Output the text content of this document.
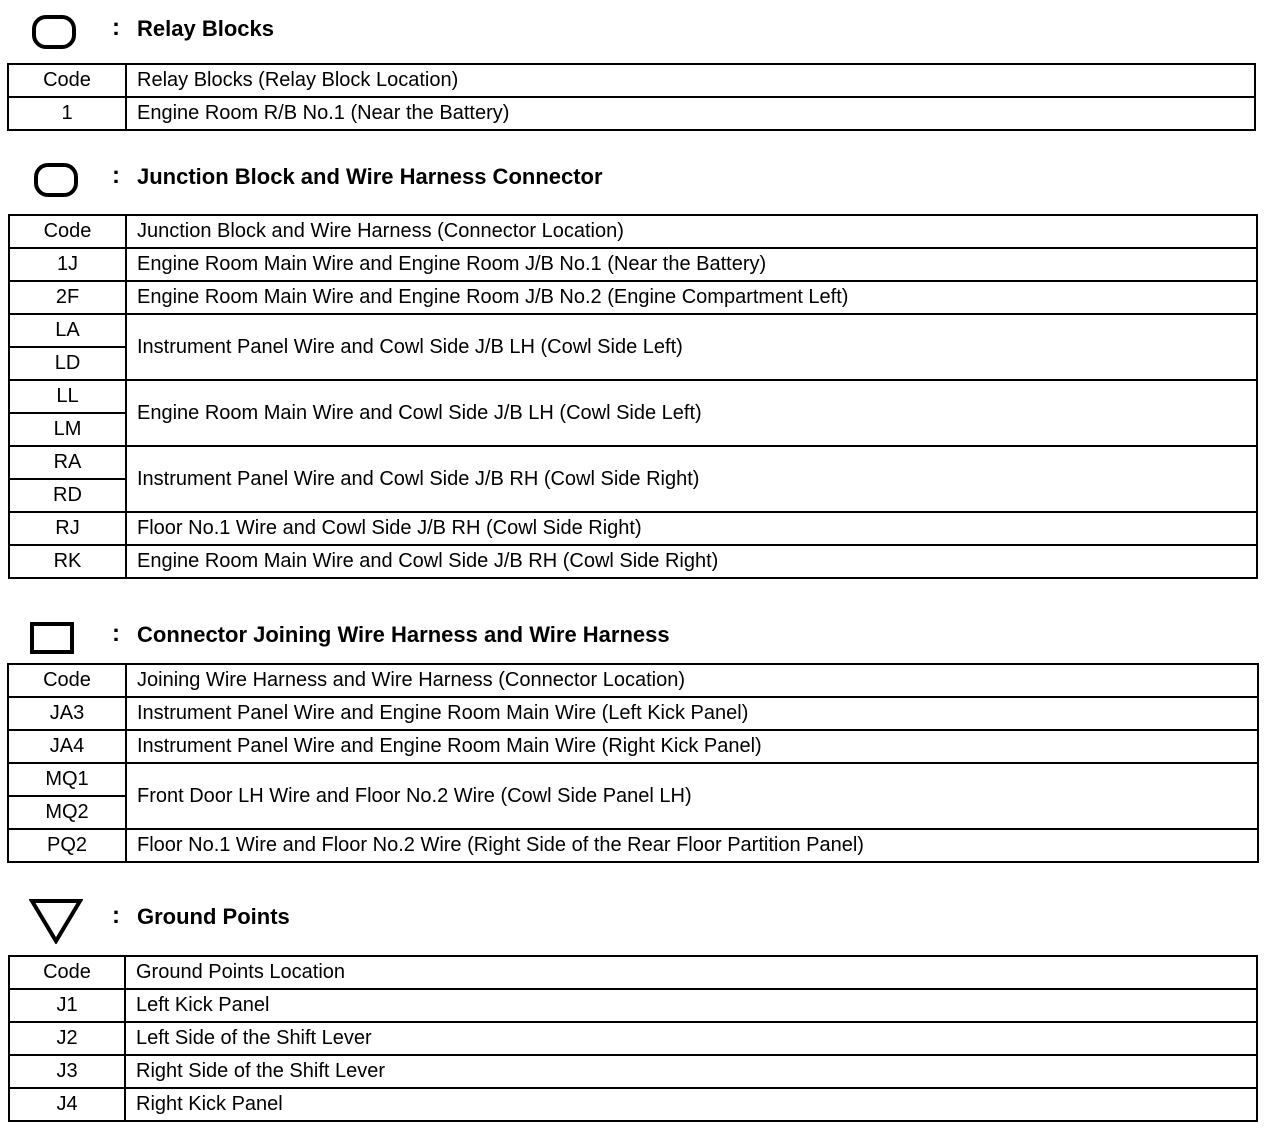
: Relay Blocks
Code	Relay Blocks (Relay Block Location)
1	Engine Room R/B No.1 (Near the Battery)
: Junction Block and Wire Harness Connector
Code	Junction Block and Wire Harness (Connector Location)
1J	Engine Room Main Wire and Engine Room J/B No.1 (Near the Battery)
2F	Engine Room Main Wire and Engine Room J/B No.2 (Engine Compartment Left)
LA	Instrument Panel Wire and Cowl Side J/B LH (Cowl Side Left)
LD	
LL	Engine Room Main Wire and Cowl Side J/B LH (Cowl Side Left)
LM	
RA	Instrument Panel Wire and Cowl Side J/B RH (Cowl Side Right)
RD	
RJ	Floor No.1 Wire and Cowl Side J/B RH (Cowl Side Right)
RK	Engine Room Main Wire and Cowl Side J/B RH (Cowl Side Right)
: Connector Joining Wire Harness and Wire Harness
Code	Joining Wire Harness and Wire Harness (Connector Location)
JA3	Instrument Panel Wire and Engine Room Main Wire (Left Kick Panel)
JA4	Instrument Panel Wire and Engine Room Main Wire (Right Kick Panel)
MQ1	Front Door LH Wire and Floor No.2 Wire (Cowl Side Panel LH)
MQ2	
PQ2	Floor No.1 Wire and Floor No.2 Wire (Right Side of the Rear Floor Partition Panel)
: Ground Points
Code	Ground Points Location
J1	Left Kick Panel
J2	Left Side of the Shift Lever
J3	Right Side of the Shift Lever
J4	Right Kick Panel
